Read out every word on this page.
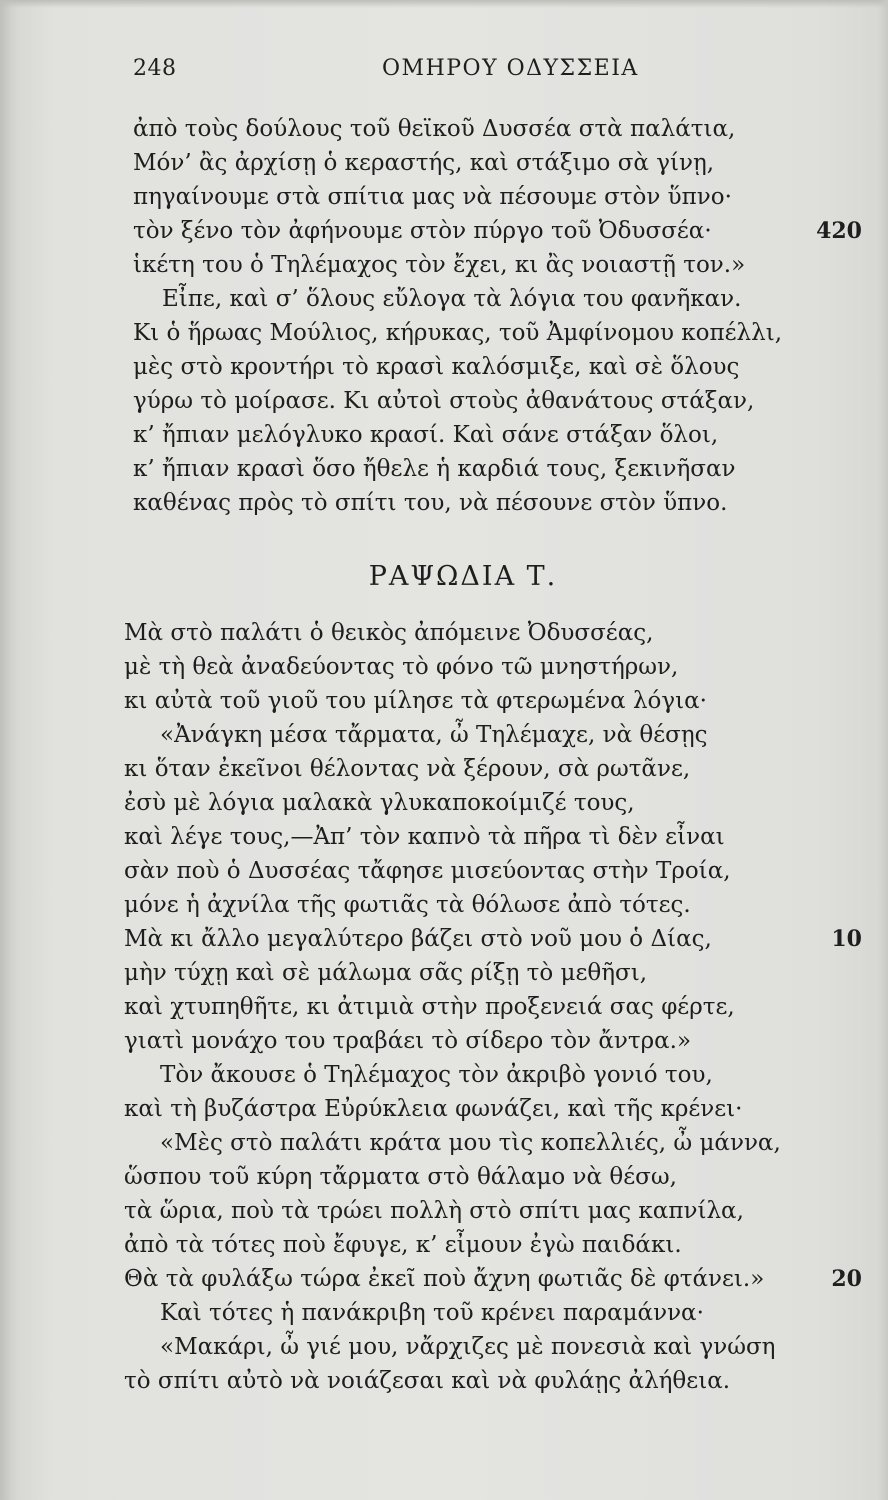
248	ΟΜΗΡΟΥ ΟΔΥΣΣΕΙΑ
ἀπὸ τοὺς δούλους τοῦ θεϊκοῦ Δυσσέα στὰ παλάτια,
Μόν’ ἂς ἀρχίσῃ ὁ κεραστής, καὶ στάξιμο σὰ γίνῃ,
πηγαίνουμε στὰ σπίτια μας νὰ πέσουμε στὸν ὕπνο·
τὸν ξένο τὸν ἀφήνουμε στὸν πύργο τοῦ Ὀδυσσέα·	420
ἱκέτη του ὁ Τηλέμαχος τὸν ἔχει, κι ἂς νοιαστῇ τον.»
Εἶπε, καὶ σ’ ὅλους εὔλογα τὰ λόγια του φανῆκαν.
Κι ὁ ἥρωας Μούλιος, κήρυκας, τοῦ Ἀμφίνομου κοπέλλι,
μὲς στὸ κροντήρι τὸ κρασὶ καλόσμιξε, καὶ σὲ ὅλους
γύρω τὸ μοίρασε. Κι αὐτοὶ στοὺς ἀθανάτους στάξαν,
κ’ ἤπιαν μελόγλυκο κρασί. Καὶ σάνε στάξαν ὅλοι,
κ’ ἤπιαν κρασὶ ὅσο ἤθελε ἡ καρδιά τους, ξεκινῆσαν
καθένας πρὸς τὸ σπίτι του, νὰ πέσουνε στὸν ὕπνο.
ΡΑΨΩΔΙΑ Τ.
Μὰ στὸ παλάτι ὁ θεικὸς ἀπόμεινε Ὀδυσσέας,
μὲ τὴ θεὰ ἀναδεύοντας τὸ φόνο τῶ μνηστήρων,
κι αὐτὰ τοῦ γιοῦ του μίλησε τὰ φτερωμένα λόγια·
«Ἀνάγκη μέσα τἄρματα, ὦ Τηλέμαχε, νὰ θέσῃς
κι ὅταν ἐκεῖνοι θέλοντας νὰ ξέρουν, σὰ ρωτᾶνε,
ἐσὺ μὲ λόγια μαλακὰ γλυκαποκοίμιζέ τους,
καὶ λέγε τους,—Ἀπ’ τὸν καπνὸ τὰ πῆρα τὶ δὲν εἶναι
σὰν ποὺ ὁ Δυσσέας τἄφησε μισεύοντας στὴν Τροία,
μόνε ἡ ἀχνίλα τῆς φωτιᾶς τὰ θόλωσε ἀπὸ τότες.
Μὰ κι ἄλλο μεγαλύτερο βάζει στὸ νοῦ μου ὁ Δίας,	10
μὴν τύχῃ καὶ σὲ μάλωμα σᾶς ρίξῃ τὸ μεθῆσι,
καὶ χτυπηθῆτε, κι ἀτιμιὰ στὴν προξενειά σας φέρτε,
γιατὶ μονάχο του τραβάει τὸ σίδερο τὸν ἄντρα.»
Τὸν ἄκουσε ὁ Τηλέμαχος τὸν ἀκριβὸ γονιό του,
καὶ τὴ βυζάστρα Εὐρύκλεια φωνάζει, καὶ τῆς κρένει·
«Μὲς στὸ παλάτι κράτα μου τὶς κοπελλιές, ὦ μάννα,
ὥσπου τοῦ κύρη τἄρματα στὸ θάλαμο νὰ θέσω,
τὰ ὥρια, ποὺ τὰ τρώει πολλὴ στὸ σπίτι μας καπνίλα,
ἀπὸ τὰ τότες ποὺ ἔφυγε, κ’ εἶμουν ἐγὼ παιδάκι.
Θὰ τὰ φυλάξω τώρα ἐκεῖ ποὺ ἄχνη φωτιᾶς δὲ φτάνει.»	20
Καὶ τότες ἡ πανάκριβη τοῦ κρένει παραμάννα·
«Μακάρι, ὦ γιέ μου, νἄρχιζες μὲ πονεσιὰ καὶ γνώση
τὸ σπίτι αὐτὸ νὰ νοιάζεσαι καὶ νὰ φυλάῃς ἀλήθεια.
